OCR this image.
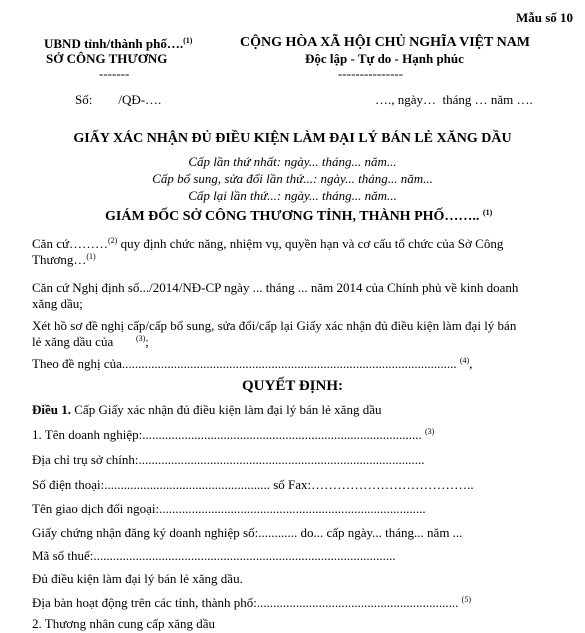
Mẫu số 10
UBND tỉnh/thành phố….$^{(1)}$
SỞ CÔNG THƯƠNG
-------
CỘNG HÒA XÃ HỘI CHỦ NGHĨA VIỆT NAM
Độc lập - Tự do - Hạnh phúc
---------------
Số:        /QĐ-….	…., ngày…  tháng … năm ….
GIẤY XÁC NHẬN ĐỦ ĐIỀU KIỆN LÀM ĐẠI LÝ BÁN LẺ XĂNG DẦU
Cấp lần thứ nhất: ngày... tháng... năm...
Cấp bổ sung, sửa đổi lần thứ...: ngày... tháng... năm...
Cấp lại lần thứ...: ngày... tháng... năm...
GIÁM ĐỐC SỞ CÔNG THƯƠNG TỈNH, THÀNH PHỐ…….. $^{(1)}$
Căn cứ………$^{(2)}$ quy định chức năng, nhiệm vụ, quyền hạn và cơ cấu tổ chức của Sở Công
Thương…$^{(1)}$
Căn cứ Nghị định số.../2014/NĐ-CP ngày ... tháng ... năm 2014 của Chính phủ về kinh doanh
xăng dầu;
Xét hồ sơ đề nghị cấp/cấp bổ sung, sửa đổi/cấp lại Giấy xác nhận đủ điều kiện làm đại lý bán
lẻ xăng dầu của	$^{(3)}$;
Theo đề nghị của....................................................................................................... $^{(4)}$,
QUYẾT ĐỊNH:
Điều 1. Cấp Giấy xác nhận đủ điều kiện làm đại lý bán lẻ xăng dầu
1. Tên doanh nghiệp:...................................................................................... $^{(3)}$
Địa chỉ trụ sở chính:........................................................................................
Số điện thoại:................................................... số Fax:………………………………..
Tên giao dịch đối ngoại:..................................................................................
Giấy chứng nhận đăng ký doanh nghiệp số:............ do... cấp ngày... tháng... năm ...
Mã số thuế:.............................................................................................
Đủ điều kiện làm đại lý bán lẻ xăng dầu.
Địa bàn hoạt động trên các tỉnh, thành phố:.............................................................. $^{(5)}$
2. Thương nhân cung cấp xăng dầu
